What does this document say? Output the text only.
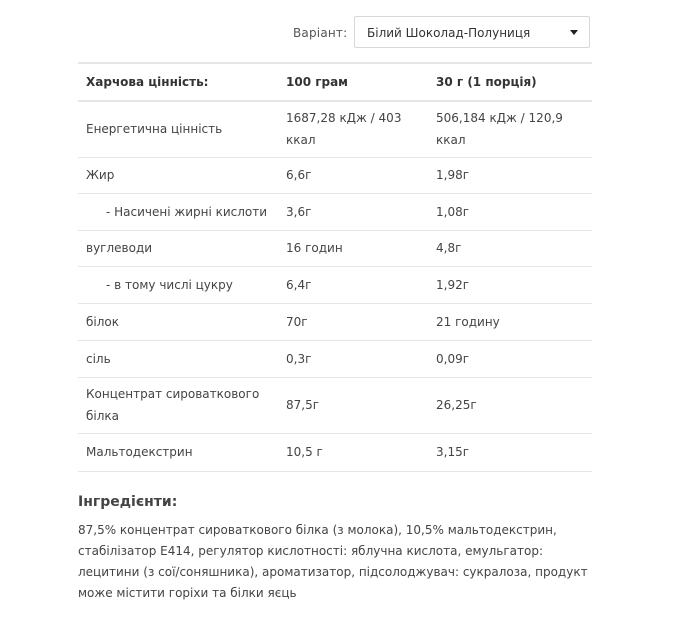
Варіант: Білий Шоколад-Полуниця
Харчова цінність:	100 грам	30 г (1 порція)
Енергетична цінність	1687,28 кДж / 403 ккал	506,184 кДж / 120,9 ккал
Жир	6,6г	1,98г
- Насичені жирні кислоти	3,6г	1,08г
вуглеводи	16 годин	4,8г
- в тому числі цукру	6,4г	1,92г
білок	70г	21 годину
сіль	0,3г	0,09г
Концентрат сироваткового білка	87,5г	26,25г
Мальтодекстрин	10,5 г	3,15г
Інгредієнти:
87,5% концентрат сироваткового білка (з молока), 10,5% мальтодекстрин, стабілізатор Е414, регулятор кислотності: яблучна кислота, емульгатор: лецитини (з сої/соняшника), ароматизатор, підсолоджувач: сукралоза, продукт може містити горіхи та білки яєць
